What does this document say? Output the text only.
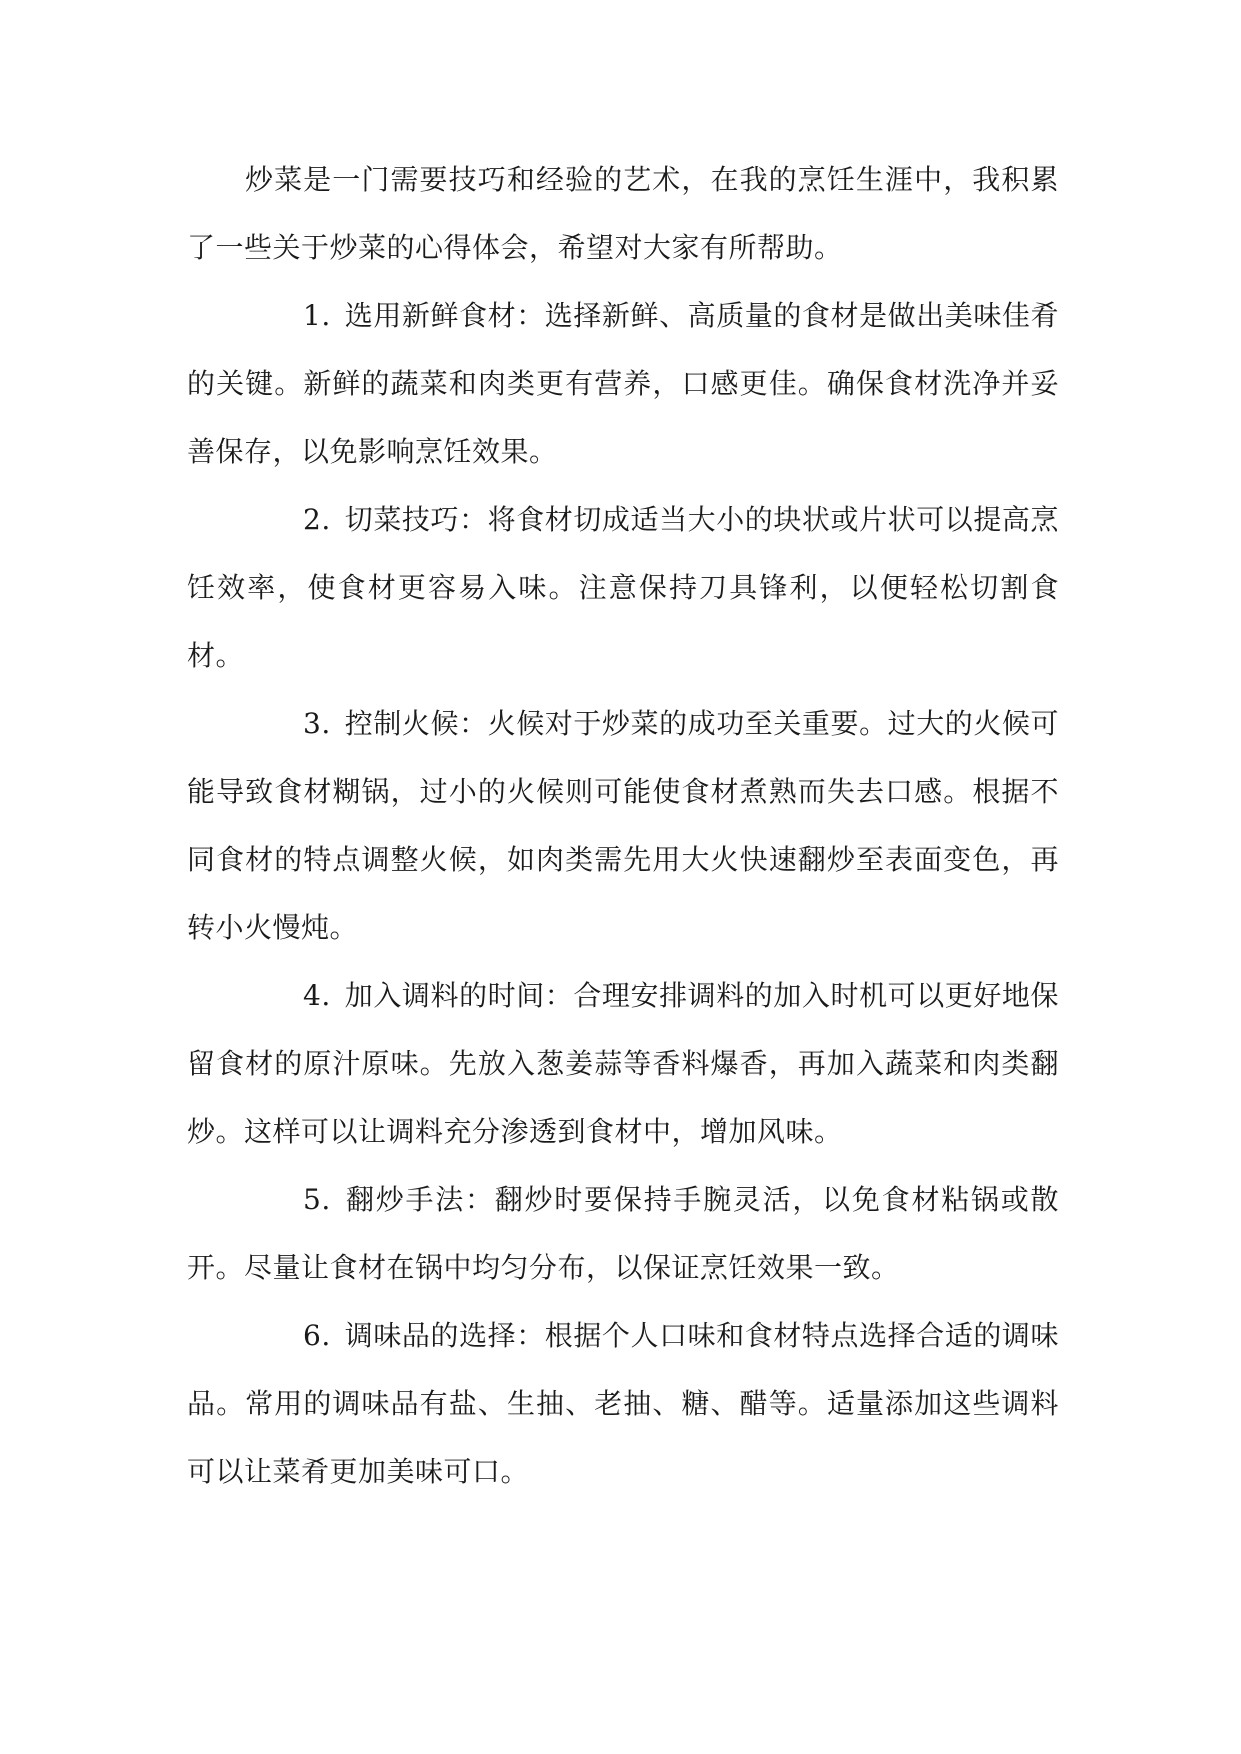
炒菜是一门需要技巧和经验的艺术，在我的烹饪生涯中，我积累了一些关于炒菜的心得体会，希望对大家有所帮助。

1. 选用新鲜食材：选择新鲜、高质量的食材是做出美味佳肴的关键。新鲜的蔬菜和肉类更有营养，口感更佳。确保食材洗净并妥善保存，以免影响烹饪效果。

2. 切菜技巧：将食材切成适当大小的块状或片状可以提高烹饪效率，使食材更容易入味。注意保持刀具锋利，以便轻松切割食材。

3. 控制火候：火候对于炒菜的成功至关重要。过大的火候可能导致食材糊锅，过小的火候则可能使食材煮熟而失去口感。根据不同食材的特点调整火候，如肉类需先用大火快速翻炒至表面变色，再转小火慢炖。

4. 加入调料的时间：合理安排调料的加入时机可以更好地保留食材的原汁原味。先放入葱姜蒜等香料爆香，再加入蔬菜和肉类翻炒。这样可以让调料充分渗透到食材中，增加风味。

5. 翻炒手法：翻炒时要保持手腕灵活，以免食材粘锅或散开。尽量让食材在锅中均匀分布，以保证烹饪效果一致。

6. 调味品的选择：根据个人口味和食材特点选择合适的调味品。常用的调味品有盐、生抽、老抽、糖、醋等。适量添加这些调料可以让菜肴更加美味可口。
